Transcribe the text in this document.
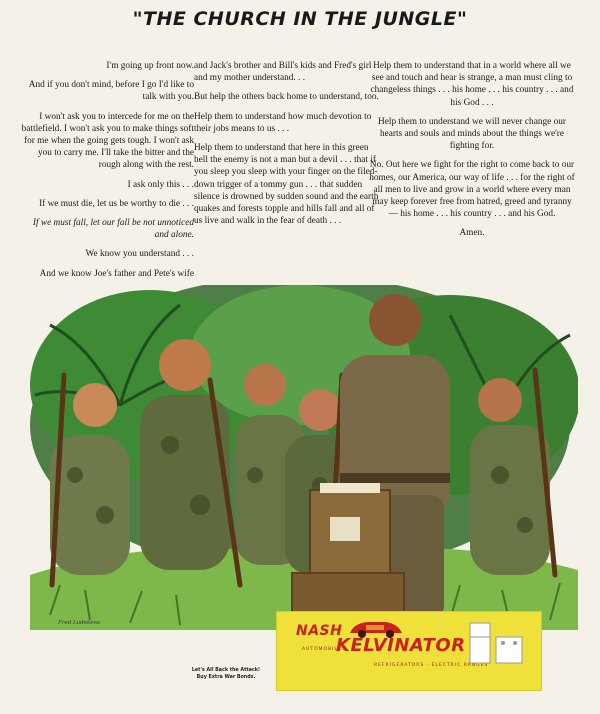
"THE CHURCH IN THE JUNGLE"

I'm going up front now.

And if you don't mind, before I go I'd like to talk with you.

I won't ask you to intercede for me on the battlefield. I won't ask you to make things soft for me when the going gets tough. I won't ask you to carry me. I'll take the bitter and the rough along with the rest.

I ask only this . . .

If we must die, let us be worthy to die . . .

If we must fall, let our fall be not unnoticed and alone.

We know you understand . . .

And we know Joe's father and Pete's wife

and Jack's brother and Bill's kids and Fred's girl and my mother understand. . .

But help the others back home to understand, too.

Help them to understand how much devotion to their jobs means to us . . .

Help them to understand that here in this green hell the enemy is not a man but a devil . . . that if you sleep you sleep with your finger on the filed-down trigger of a tommy gun . . . that sudden silence is drowned by sudden sound and the earth quakes and forests topple and hills fall and all of us live and walk in the fear of death . . .

Help them to understand that in a world where all we see and touch and hear is strange, a man must cling to changeless things . . . his home . . . his country . . . and his God . . .

Help them to understand we will never change our hearts and souls and minds about the things we're fighting for.

No. Out here we fight for the right to come back to our homes, our America, our way of life . . . for the right of all men to live and grow in a world where every man may keep forever free from hatred, greed and tyranny — his home . . . his country . . . and his God.

Amen.

Fred Ludekens
Let's All Back the Attack!
Buy Extra War Bonds.
NASH
AUTOMOBILES
KELVINATOR
REFRIGERATORS · ELECTRIC RANGES
